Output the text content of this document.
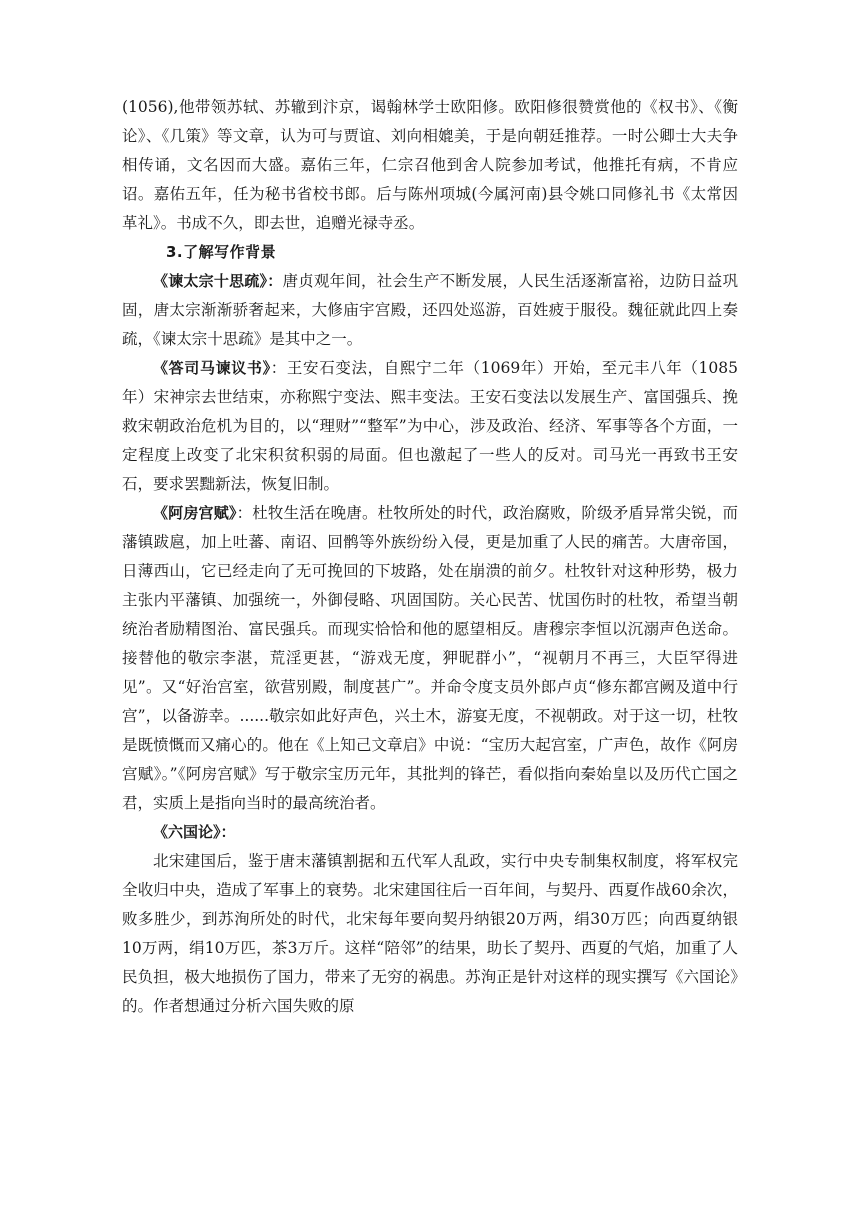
(1056),他带领苏轼、苏辙到汴京，谒翰林学士欧阳修。欧阳修很赞赏他的《权书》、《衡论》、《几策》等文章，认为可与贾谊、刘向相媲美，于是向朝廷推荐。一时公卿士大夫争相传诵，文名因而大盛。嘉佑三年，仁宗召他到舍人院参加考试，他推托有病，不肯应诏。嘉佑五年，任为秘书省校书郎。后与陈州项城(今属河南)县令姚口同修礼书《太常因革礼》。书成不久，即去世，追赠光禄寺丞。

3.了解写作背景

《谏太宗十思疏》：唐贞观年间，社会生产不断发展，人民生活逐渐富裕，边防日益巩固，唐太宗渐渐骄奢起来，大修庙宇宫殿，还四处巡游，百姓疲于服役。魏征就此四上奏疏，《谏太宗十思疏》是其中之一。

《答司马谏议书》：王安石变法，自熙宁二年（1069年）开始，至元丰八年（1085年）宋神宗去世结束，亦称熙宁变法、熙丰变法。王安石变法以发展生产、富国强兵、挽救宋朝政治危机为目的，以“理财”“整军”为中心，涉及政治、经济、军事等各个方面，一定程度上改变了北宋积贫积弱的局面。但也激起了一些人的反对。司马光一再致书王安石，要求罢黜新法，恢复旧制。

《阿房宫赋》：杜牧生活在晚唐。杜牧所处的时代，政治腐败，阶级矛盾异常尖锐，而藩镇跋扈，加上吐蕃、南诏、回鹘等外族纷纷入侵，更是加重了人民的痛苦。大唐帝国，日薄西山，它已经走向了无可挽回的下坡路，处在崩溃的前夕。杜牧针对这种形势，极力主张内平藩镇、加强统一，外御侵略、巩固国防。关心民苦、忧国伤时的杜牧，希望当朝统治者励精图治、富民强兵。而现实恰恰和他的愿望相反。唐穆宗李恒以沉溺声色送命。接替他的敬宗李湛，荒淫更甚，“游戏无度，狎昵群小”，“视朝月不再三，大臣罕得进见”。又“好治宫室，欲营别殿，制度甚广”。并命令度支员外郎卢贞“修东都宫阙及道中行宫”，以备游幸。......敬宗如此好声色，兴土木，游宴无度，不视朝政。对于这一切，杜牧是既愤慨而又痛心的。他在《上知己文章启》中说：“宝历大起宫室，广声色，故作《阿房宫赋》。”《阿房宫赋》写于敬宗宝历元年，其批判的锋芒，看似指向秦始皇以及历代亡国之君，实质上是指向当时的最高统治者。

《六国论》：

北宋建国后，鉴于唐末藩镇割据和五代军人乱政，实行中央专制集权制度，将军权完全收归中央，造成了军事上的衰势。北宋建国往后一百年间，与契丹、西夏作战60余次，败多胜少，到苏洵所处的时代，北宋每年要向契丹纳银20万两，绢30万匹；向西夏纳银10万两，绢10万匹，茶3万斤。这样“陪邻”的结果，助长了契丹、西夏的气焰，加重了人民负担，极大地损伤了国力，带来了无穷的祸患。苏洵正是针对这样的现实撰写《六国论》的。作者想通过分析六国失败的原
